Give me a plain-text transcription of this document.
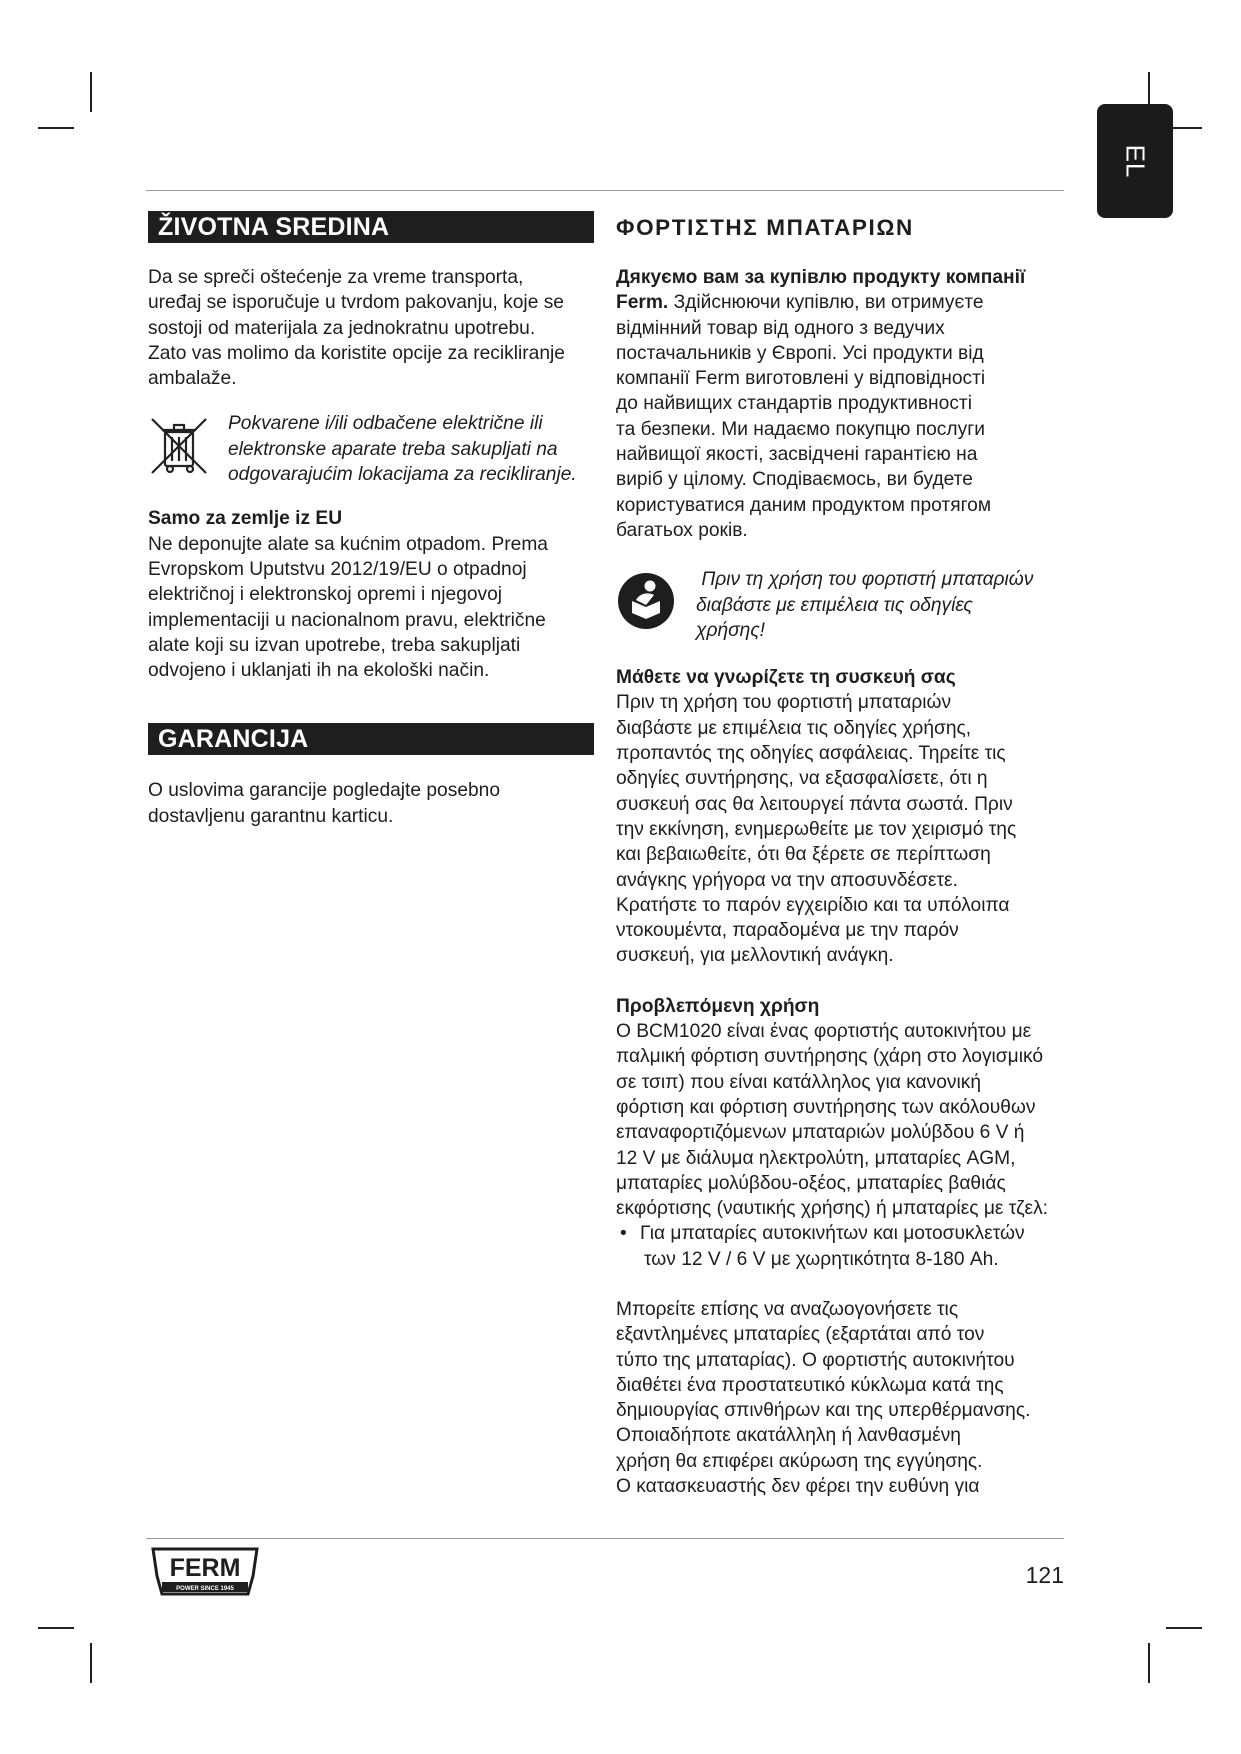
EL
ŽIVOTNA SREDINA
Da se spreči oštećenje za vreme transporta,
uređaj se isporučuje u tvrdom pakovanju, koje se
sostoji od materijala za jednokratnu upotrebu.
Zato vas molimo da koristite opcije za recikliranje
ambalaže.
Pokvarene i/ili odbačene električne ili
elektronske aparate treba sakupljati na
odgovarajućim lokacijama za recikliranje.
Samo za zemlje iz EU
Ne deponujte alate sa kućnim otpadom. Prema
Evropskom Uputstvu 2012/19/EU o otpadnoj
električnoj i elektronskoj opremi i njegovoj
implementaciji u nacionalnom pravu, električne
alate koji su izvan upotrebe, treba sakupljati
odvojeno i uklanjati ih na ekološki način.
GARANCIJA
O uslovima garancije pogledajte posebno
dostavljenu garantnu karticu.
ΦΟΡΤΙΣΤΗΣ ΜΠΑΤΑΡΙΩΝ
Дякуємо вам за купівлю продукту компанії
Ferm. Здійснюючи купівлю, ви отримуєте
відмінний товар від одного з ведучих
постачальників у Європі. Усі продукти від
компанії Ferm виготовлені у відповідності
до найвищих стандартів продуктивності
та безпеки. Ми надаємо покупцю послуги
найвищої якості, засвідчені гарантією на
виріб у цілому. Сподіваємось, ви будете
користуватися даним продуктом протягом
багатьох років.
Πριν τη χρήση του φορτιστή μπαταριών
διαβάστε με επιμέλεια τις οδηγίες
χρήσης!
Μάθετε να γνωρίζετε τη συσκευή σας
Πριν τη χρήση του φορτιστή μπαταριών
διαβάστε με επιμέλεια τις οδηγίες χρήσης,
προπαντός της οδηγίες ασφάλειας. Τηρείτε τις
οδηγίες συντήρησης, να εξασφαλίσετε, ότι η
συσκευή σας θα λειτουργεί πάντα σωστά. Πριν
την εκκίνηση, ενημερωθείτε με τον χειρισμό της
και βεβαιωθείτε, ότι θα ξέρετε σε περίπτωση
ανάγκης γρήγορα να την αποσυνδέσετε.
Κρατήστε το παρόν εγχειρίδιο και τα υπόλοιπα
ντοκουμέντα, παραδομένα με την παρόν
συσκευή, για μελλοντική ανάγκη.
Προβλεπόμενη χρήση
Ο BCM1020 είναι ένας φορτιστής αυτοκινήτου με
παλμική φόρτιση συντήρησης (χάρη στο λογισμικό
σε τσιπ) που είναι κατάλληλος για κανονική
φόρτιση και φόρτιση συντήρησης των ακόλουθων
επαναφορτιζόμενων μπαταριών μολύβδου 6 V ή
12 V με διάλυμα ηλεκτρολύτη, μπαταρίες AGM,
μπαταρίες μολύβδου-οξέος, μπαταρίες βαθιάς
εκφόρτισης (ναυτικής χρήσης) ή μπαταρίες με τζελ:
• Για μπαταρίες αυτοκινήτων και μοτοσυκλετών
των 12 V / 6 V με χωρητικότητα 8-180 Ah.
Μπορείτε επίσης να αναζωογονήσετε τις
εξαντλημένες μπαταρίες (εξαρτάται από τον
τύπο της μπαταρίας). Ο φορτιστής αυτοκινήτου
διαθέτει ένα προστατευτικό κύκλωμα κατά της
δημιουργίας σπινθήρων και της υπερθέρμανσης.
Οποιαδήποτε ακατάλληλη ή λανθασμένη
χρήση θα επιφέρει ακύρωση της εγγύησης.
Ο κατασκευαστής δεν φέρει την ευθύνη για
FERM
POWER SINCE 1945
121
